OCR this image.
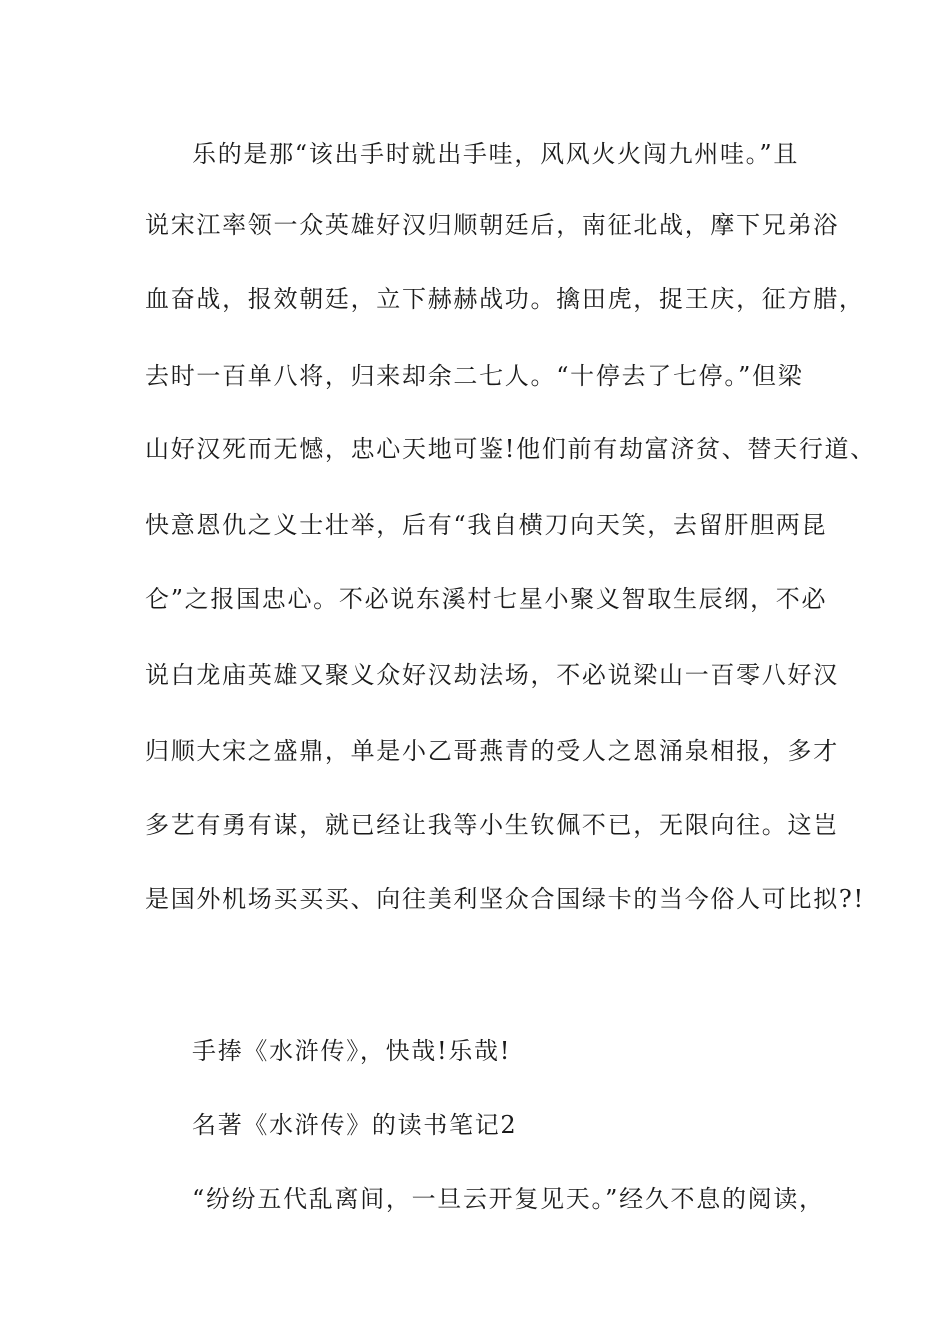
乐的是那“该出手时就出手哇，风风火火闯九州哇。”且
说宋江率领一众英雄好汉归顺朝廷后，南征北战，摩下兄弟浴
血奋战，报效朝廷，立下赫赫战功。擒田虎，捉王庆，征方腊，
去时一百单八将，归来却余二七人。“十停去了七停。”但梁
山好汉死而无憾，忠心天地可鉴!他们前有劫富济贫、替天行道、
快意恩仇之义士壮举，后有“我自横刀向天笑，去留肝胆两昆
仑”之报国忠心。不必说东溪村七星小聚义智取生辰纲，不必
说白龙庙英雄又聚义众好汉劫法场，不必说梁山一百零八好汉
归顺大宋之盛鼎，单是小乙哥燕青的受人之恩涌泉相报，多才
多艺有勇有谋，就已经让我等小生钦佩不已，无限向往。这岂
是国外机场买买买、向往美利坚众合国绿卡的当今俗人可比拟?!
手捧《水浒传》，快哉!乐哉!
名著《水浒传》的读书笔记2
“纷纷五代乱离间，一旦云开复见天。”经久不息的阅读，
